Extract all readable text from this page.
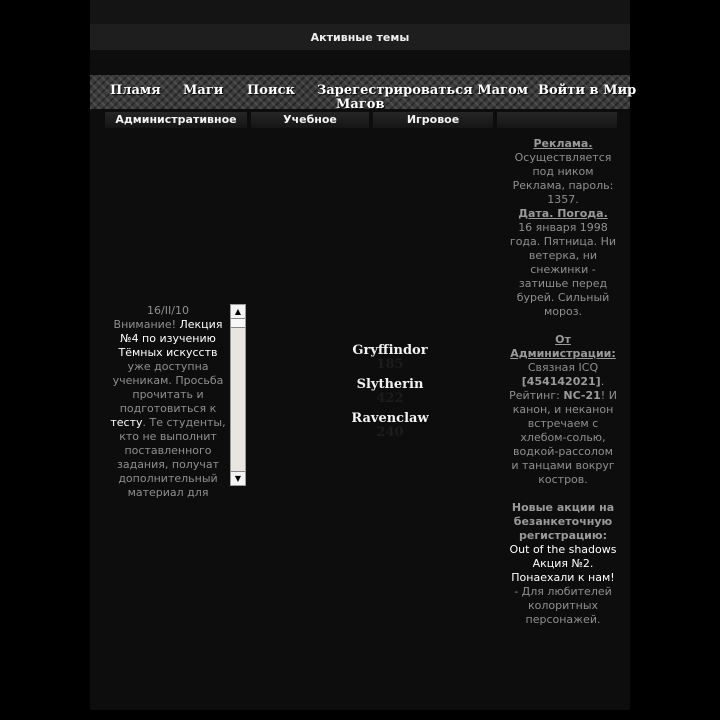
Активные темы
Пламя Маги Поиск Зарегестрироваться Магом
Магов
Войти в Мир
Административное	Учебное	Игровое
16/II/10
Внимание! Лекция №4 по изучению Тёмных искусств уже доступна ученикам. Просьба прочитать и подготовиться к тесту. Те студенты, кто не выполнит поставленного задания, получат дополнительный материал для
▲
▼
Gryffindor
185
Slytherin
422
Ravenclaw
240
Реклама.
Осуществляется под ником Реклама, пароль: 1357.
Дата. Погода.
16 января 1998 года. Пятница. Ни ветерка, ни снежинки - затишье перед бурей. Сильный мороз.
От Администрации:
Связная ICQ [454142021]. Рейтинг: NC-21! И канон, и неканон встречаем с хлебом-солью, водкой-рассолом и танцами вокруг костров.
Новые акции на безанкеточную регистрацию:
Out of the shadows
Акция №2. Понаехали к нам!
- Для любителей колоритных персонажей.
